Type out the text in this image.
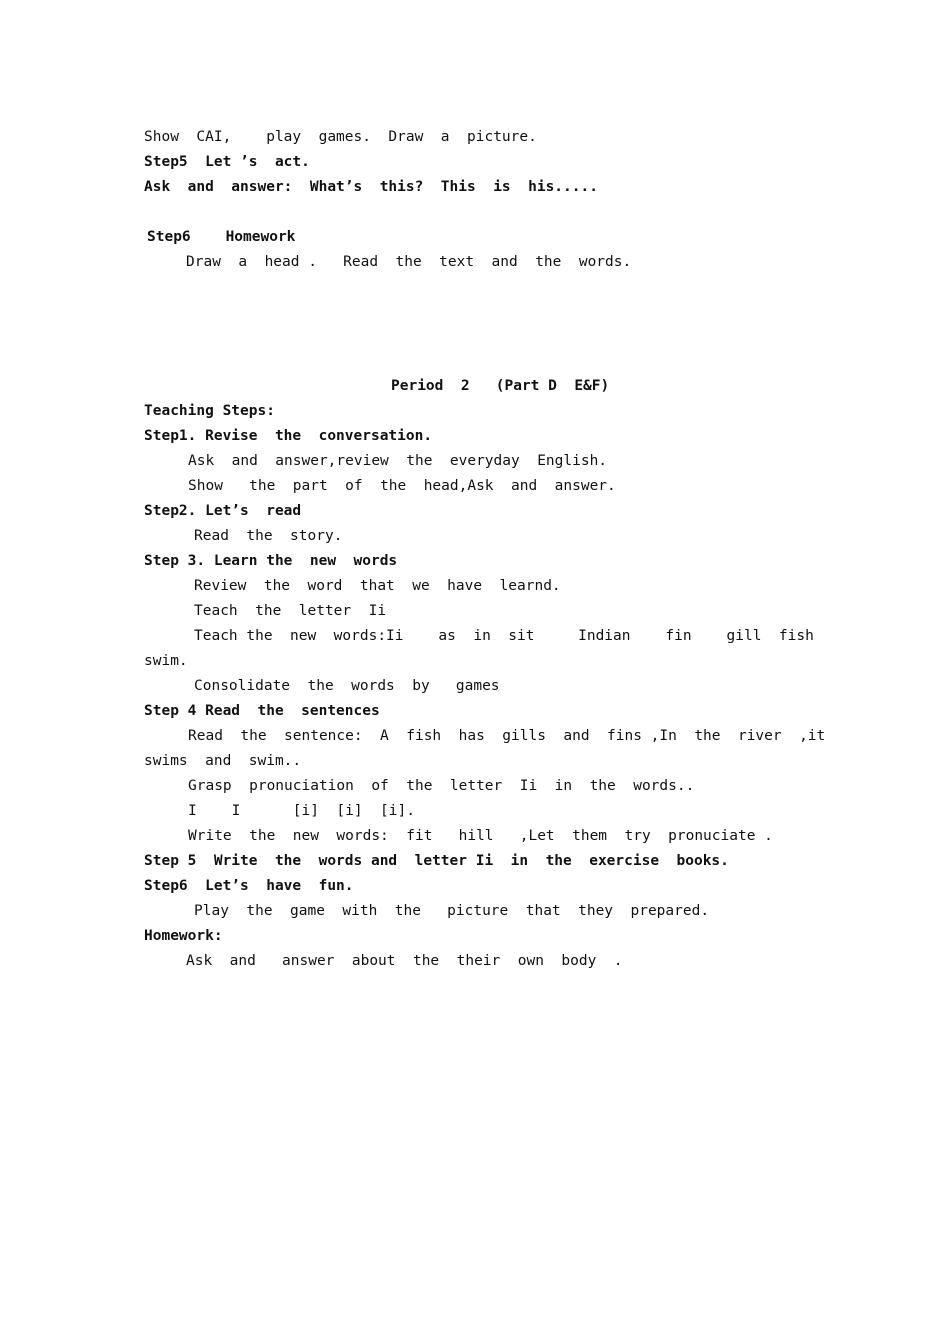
Show  CAI,    play  games.  Draw  a  picture.
Step5  Let ’s  act.
Ask  and  answer:  What’s  this?  This  is  his.....
Step6    Homework
Draw  a  head .   Read  the  text  and  the  words.
Period  2   (Part D  E&F)
Teaching Steps:
Step1. Revise  the  conversation.
Ask  and  answer,review  the  everyday  English.
Show   the  part  of  the  head,Ask  and  answer.
Step2. Let’s  read
Read  the  story.
Step 3. Learn the  new  words
Review  the  word  that  we  have  learnd.
Teach  the  letter  Ii
Teach the  new  words:Ii    as  in  sit     Indian    fin    gill  fish
swim.
Consolidate  the  words  by   games
Step 4 Read  the  sentences
Read  the  sentence:  A  fish  has  gills  and  fins ,In  the  river  ,it
swims  and  swim..
Grasp  pronuciation  of  the  letter  Ii  in  the  words..
I    I      [i]  [i]  [i].
Write  the  new  words:  fit   hill   ,Let  them  try  pronuciate .
Step 5  Write  the  words and  letter Ii  in  the  exercise  books.
Step6  Let’s  have  fun.
Play  the  game  with  the   picture  that  they  prepared.
Homework:
Ask  and   answer  about  the  their  own  body  .
